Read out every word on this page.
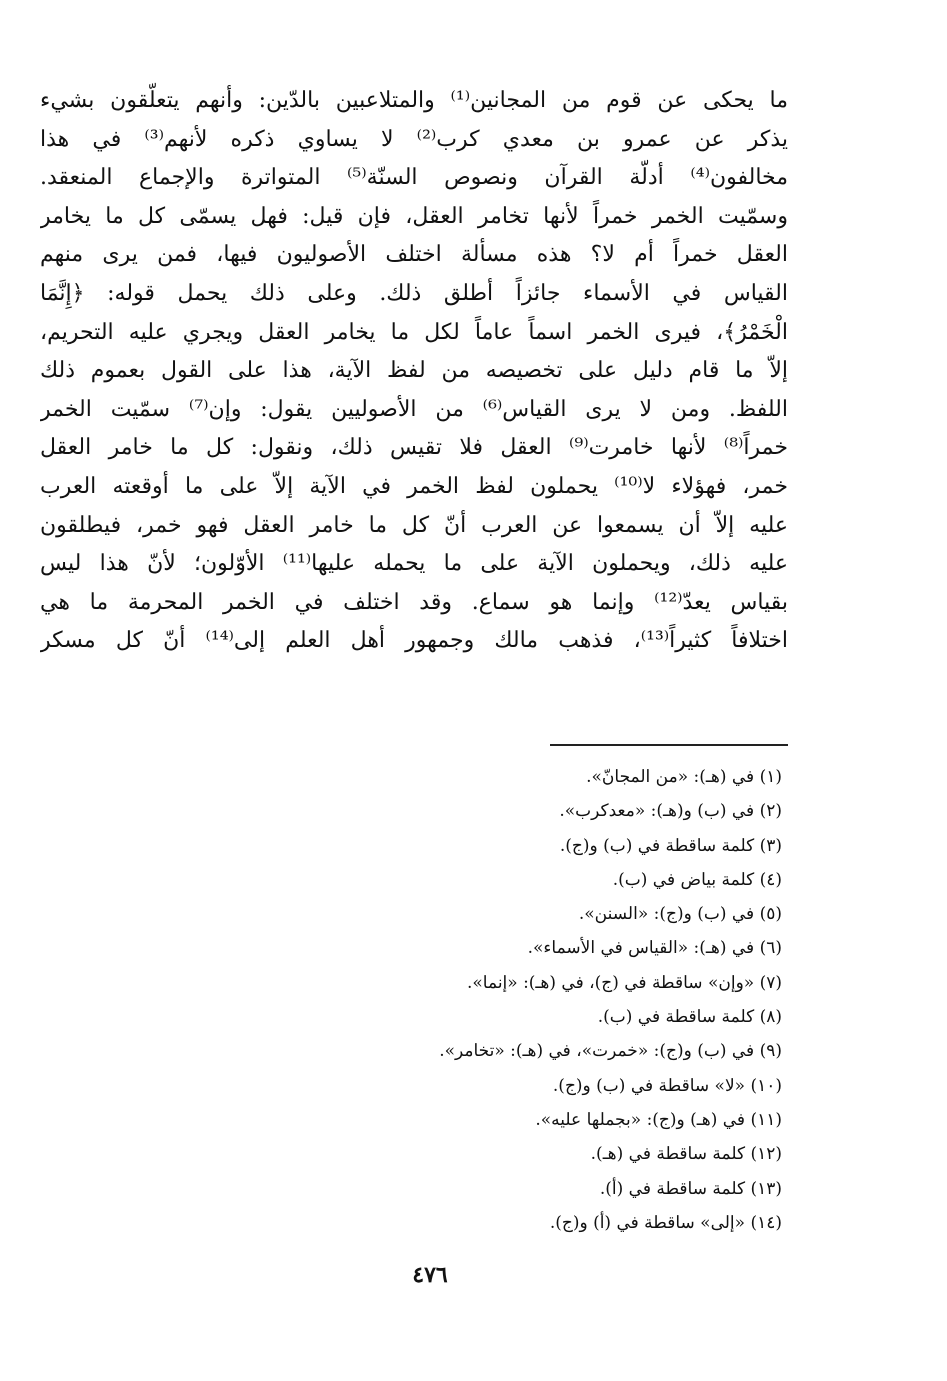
ما يحكى عن قوم من المجانين⁽¹⁾ والمتلاعبين بالدّين: وأنهم يتعلّقون بشيء
يذكر عن عمرو بن معدي كرب⁽²⁾ لا يساوي ذكره لأنهم⁽³⁾ في هذا
مخالفون⁽⁴⁾ أدلّة القرآن ونصوص السنّة⁽⁵⁾ المتواترة والإجماع المنعقد.
وسمّيت الخمر خمراً لأنها تخامر العقل، فإن قيل: فهل يسمّى كل ما يخامر
العقل خمراً أم لا؟ هذه مسألة اختلف الأصوليون فيها، فمن يرى منهم
القياس في الأسماء جائزاً أطلق ذلك. وعلى ذلك يحمل قوله: ﴿إِنَّمَا
الْخَمْرُ﴾، فيرى الخمر اسماً عاماً لكل ما يخامر العقل ويجري عليه التحريم،
إلاّ ما قام دليل على تخصيصه من لفظ الآية، هذا على القول بعموم ذلك
اللفظ. ومن لا يرى القياس⁽⁶⁾ من الأصوليين يقول: وإن⁽⁷⁾ سمّيت الخمر
خمراً⁽⁸⁾ لأنها خامرت⁽⁹⁾ العقل فلا تقيس ذلك، ونقول: كل ما خامر العقل
خمر، فهؤلاء لا⁽¹⁰⁾ يحملون لفظ الخمر في الآية إلاّ على ما أوقعته العرب
عليه إلاّ أن يسمعوا عن العرب أنّ كل ما خامر العقل فهو خمر، فيطلقون
عليه ذلك، ويحملون الآية على ما يحمله عليها⁽¹¹⁾ الأوّلون؛ لأنّ هذا ليس
بقياس يعدّ⁽¹²⁾ وإنما هو سماع. وقد اختلف في الخمر المحرمة ما هي
اختلافاً كثيراً⁽¹³⁾، فذهب مالك وجمهور أهل العلم إلى⁽¹⁴⁾ أنّ كل مسكر
(١) في (هـ): «من المجانّ».
(٢) في (ب) و(هـ): «معدكرب».
(٣) كلمة ساقطة في (ب) و(ج).
(٤) كلمة بياض في (ب).
(٥) في (ب) و(ج): «السنن».
(٦) في (هـ): «القياس في الأسماء».
(٧) «وإن» ساقطة في (ج)، في (هـ): «إنما».
(٨) كلمة ساقطة في (ب).
(٩) في (ب) و(ج): «خمرت»، في (هـ): «تخامر».
(١٠) «لا» ساقطة في (ب) و(ج).
(١١) في (هـ) و(ج): «بجملها عليه».
(١٢) كلمة ساقطة في (هـ).
(١٣) كلمة ساقطة في (أ).
(١٤) «إلى» ساقطة في (أ) و(ج).
٤٧٦
